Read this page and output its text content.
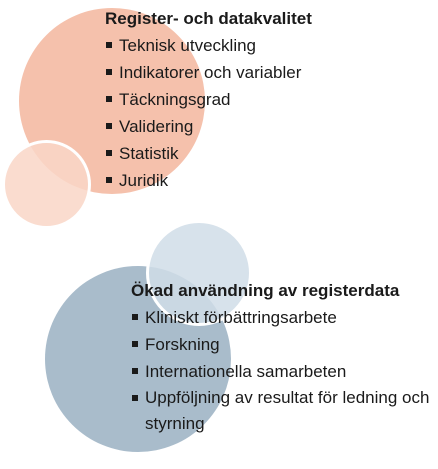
Register- och datakvalitet
Teknisk utveckling
Indikatorer och variabler
Täckningsgrad
Validering
Statistik
Juridik
Ökad användning av registerdata
Kliniskt förbättringsarbete
Forskning
Internationella samarbeten
Uppföljning av resultat för ledning och styrning
